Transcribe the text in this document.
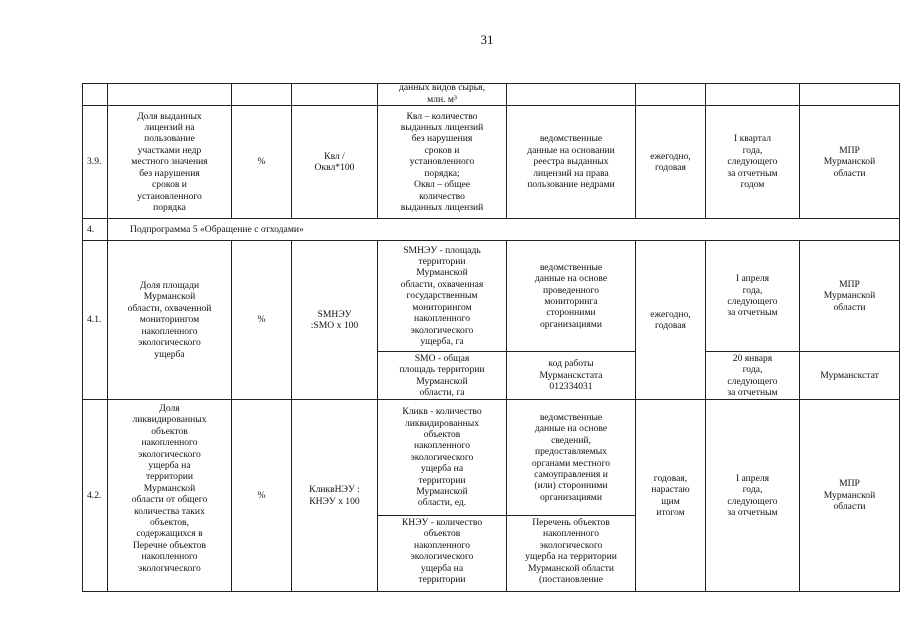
31
данных видов сырья,
млн. м³
3.9.
Доля выданных
лицензий на
пользование
участками недр
местного значения
без нарушения
сроков и
установленного
порядка
%
Квл /
Оквл*100
Квл – количество
выданных лицензий
без нарушения
сроков и
установленного
порядка;
Оквл – общее
количество
выданных лицензий
ведомственные
данные на основании
реестра выданных
лицензий на права
пользование недрами
ежегодно,
годовая
I квартал
года,
следующего
за отчетным
годом
МПР
Мурманской
области
4.	Подпрограмма 5 «Обращение с отходами»
4.1.
Доля площади
Мурманской
области, охваченной
мониторингом
накопленного
экологического
ущерба
%
SMНЭУ
:SMO x 100
SMНЭУ - площадь
территории
Мурманской
области, охваченная
государственным
мониторингом
накопленного
экологического
ущерба, га
ведомственные
данные на основе
проведенного
мониторинга
сторонними
организациями
ежегодно,
годовая
I апреля
года,
следующего
за отчетным
МПР
Мурманской
области
SMO - общая
площадь территории
Мурманской
области, га
код работы
Мурманскстата
012334031
20 января
года,
следующего
за отчетным
Мурманскстат
4.2.
Доля
ликвидированных
объектов
накопленного
экологического
ущерба на
территории
Мурманской
области от общего
количества таких
объектов,
содержащихся в
Перечне объектов
накопленного
экологического
%
КликвНЭУ :
КНЭУ x 100
Кликв - количество
ликвидированных
объектов
накопленного
экологического
ущерба на
территории
Мурманской
области, ед.
ведомственные
данные на основе
сведений,
предоставляемых
органами местного
самоуправления и
(или) сторонними
организациями
годовая,
нарастаю
щим
итогом
I апреля
года,
следующего
за отчетным
МПР
Мурманской
области
КНЭУ - количество
объектов
накопленного
экологического
ущерба на
территории
Перечень объектов
накопленного
экологического
ущерба на территории
Мурманской области
(постановление
